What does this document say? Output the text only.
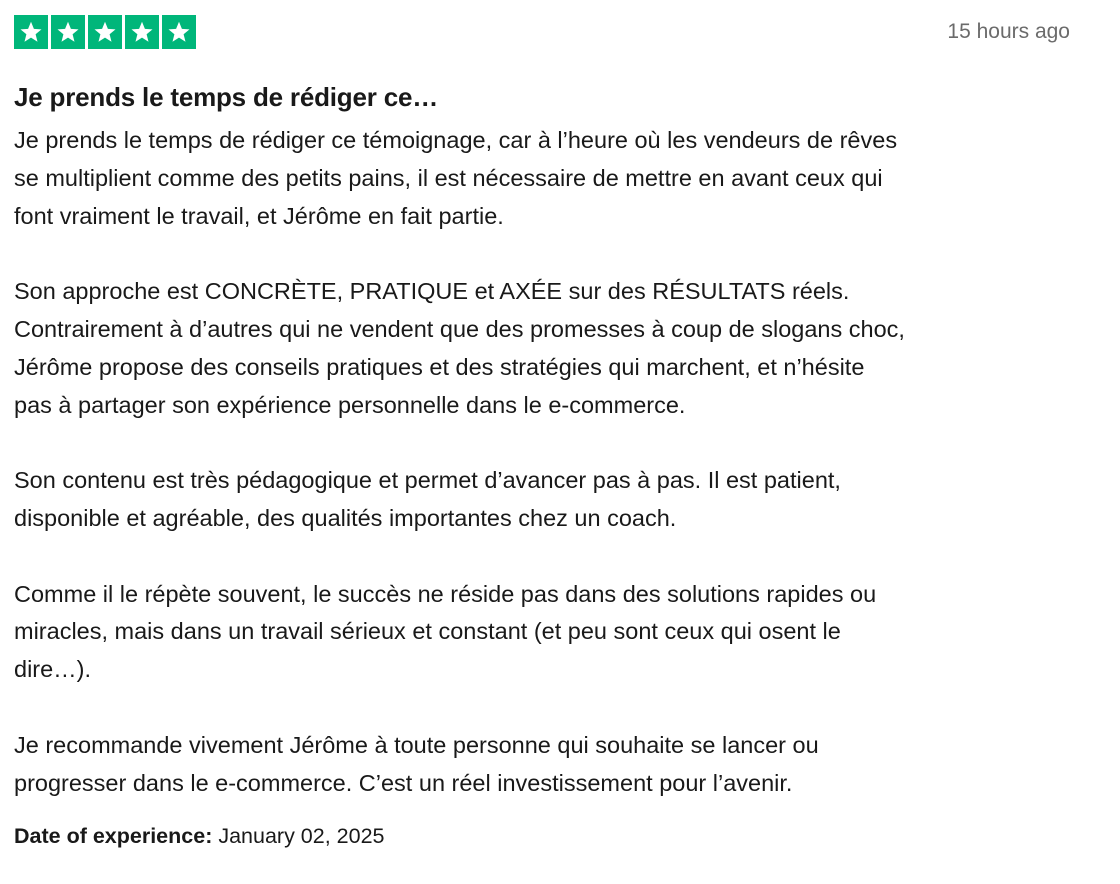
15 hours ago
Je prends le temps de rédiger ce…

Je prends le temps de rédiger ce témoignage, car à l’heure où les vendeurs de rêves
se multiplient comme des petits pains, il est nécessaire de mettre en avant ceux qui
font vraiment le travail, et Jérôme en fait partie.

Son approche est CONCRÈTE, PRATIQUE et AXÉE sur des RÉSULTATS réels.
Contrairement à d’autres qui ne vendent que des promesses à coup de slogans choc,
Jérôme propose des conseils pratiques et des stratégies qui marchent, et n’hésite
pas à partager son expérience personnelle dans le e-commerce.

Son contenu est très pédagogique et permet d’avancer pas à pas. Il est patient,
disponible et agréable, des qualités importantes chez un coach.

Comme il le répète souvent, le succès ne réside pas dans des solutions rapides ou
miracles, mais dans un travail sérieux et constant (et peu sont ceux qui osent le
dire…).

Je recommande vivement Jérôme à toute personne qui souhaite se lancer ou
progresser dans le e-commerce. C’est un réel investissement pour l’avenir.

Date of experience: January 02, 2025
